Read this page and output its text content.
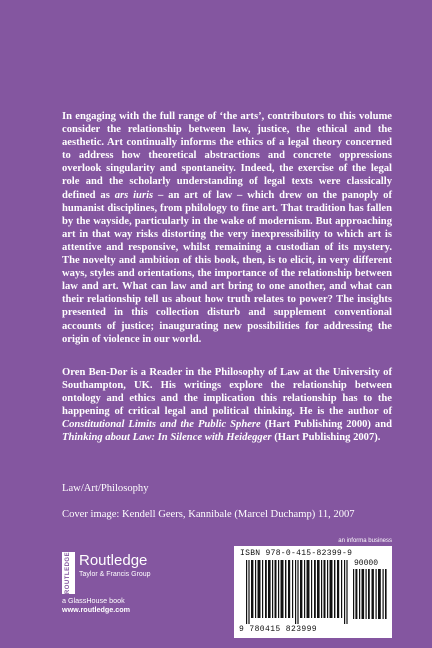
In engaging with the full range of ‘the arts’, contributors to this volume consider the relationship between law, justice, the ethical and the aesthetic. Art continually informs the ethics of a legal theory concerned to address how theoretical abstractions and concrete oppressions overlook singularity and spontaneity. Indeed, the exercise of the legal role and the scholarly understanding of legal texts were classically defined as ars iuris – an art of law – which drew on the panoply of humanist disciplines, from philology to fine art. That tradition has fallen by the wayside, particularly in the wake of modernism. But approaching art in that way risks distorting the very inexpressibility to which art is attentive and responsive, whilst remaining a custodian of its mystery. The novelty and ambition of this book, then, is to elicit, in very different ways, styles and orientations, the importance of the relationship between law and art. What can law and art bring to one another, and what can their relationship tell us about how truth relates to power? The insights presented in this collection disturb and supplement conventional accounts of justice; inaugurating new possibilities for addressing the origin of violence in our world.

Oren Ben-Dor is a Reader in the Philosophy of Law at the University of Southampton, UK. His writings explore the relationship between ontology and ethics and the implication this relationship has to the happening of critical legal and political thinking. He is the author of Constitutional Limits and the Public Sphere (Hart Publishing 2000) and Thinking about Law: In Silence with Heidegger (Hart Publishing 2007).

Law/Art/Philosophy

Cover image: Kendell Geers, Kannibale (Marcel Duchamp) 11, 2007

an informa business

ROUTLEDGE Routledge

Taylor & Francis Group

a GlassHouse book

www.routledge.com

ISBN 978-0-415-82399-9

90000

9 780415 823999
